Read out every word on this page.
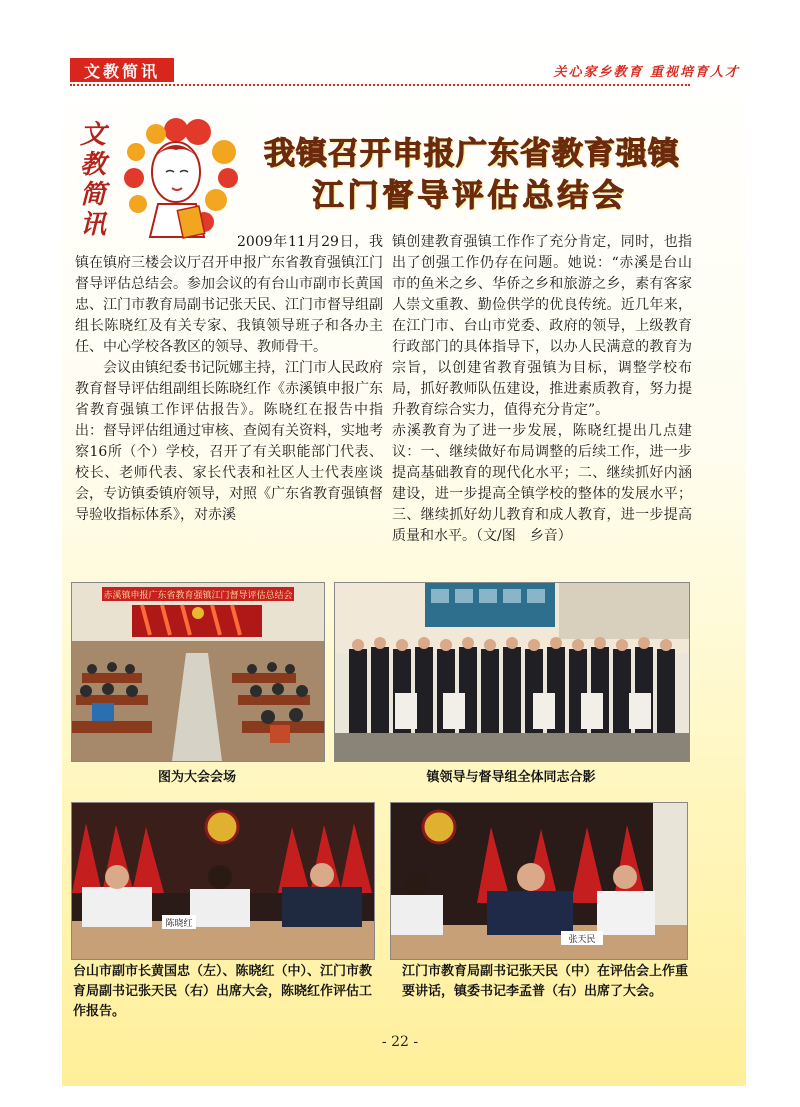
文教简讯	关心家乡教育 重视培育人才
文教简讯
我镇召开申报广东省教育强镇
江门督导评估总结会

2009年11月29日，我镇在镇府三楼会议厅召开申报广东省教育强镇江门督导评估总结会。参加会议的有台山市副市长黄国忠、江门市教育局副书记张天民、江门市督导组副组长陈晓红及有关专家、我镇领导班子和各办主任、中心学校各教区的领导、教师骨干。

会议由镇纪委书记阮娜主持，江门市人民政府教育督导评估组副组长陈晓红作《赤溪镇申报广东省教育强镇工作评估报告》。陈晓红在报告中指出：督导评估组通过审核、查阅有关资料，实地考察16所（个）学校，召开了有关职能部门代表、校长、老师代表、家长代表和社区人士代表座谈会，专访镇委镇府领导，对照《广东省教育强镇督导验收指标体系》，对赤溪

镇创建教育强镇工作作了充分肯定，同时，也指出了创强工作仍存在问题。她说：“赤溪是台山市的鱼米之乡、华侨之乡和旅游之乡，素有客家人崇文重教、勤俭供学的优良传统。近几年来，在江门市、台山市党委、政府的领导，上级教育行政部门的具体指导下，以办人民满意的教育为宗旨，以创建省教育强镇为目标，调整学校布局，抓好教师队伍建设，推进素质教育，努力提升教育综合实力，值得充分肯定”。

赤溪教育为了进一步发展，陈晓红提出几点建议：一、继续做好布局调整的后续工作，进一步提高基础教育的现代化水平；二、继续抓好内涵建设，进一步提高全镇学校的整体的发展水平；三、继续抓好幼儿教育和成人教育，进一步提高质量和水平。（文/图　乡音）

赤溪镇申报广东省教育强镇江门督导评估总结会
图为大会会场	镇领导与督导组全体同志合影
陈晓红
台山市副市长黄国忠（左）、陈晓红（中）、江门市教育局副书记张天民（右）出席大会，陈晓红作评估工作报告。
张天民
江门市教育局副书记张天民（中）在评估会上作重要讲话，镇委书记李孟普（右）出席了大会。
- 22 -
